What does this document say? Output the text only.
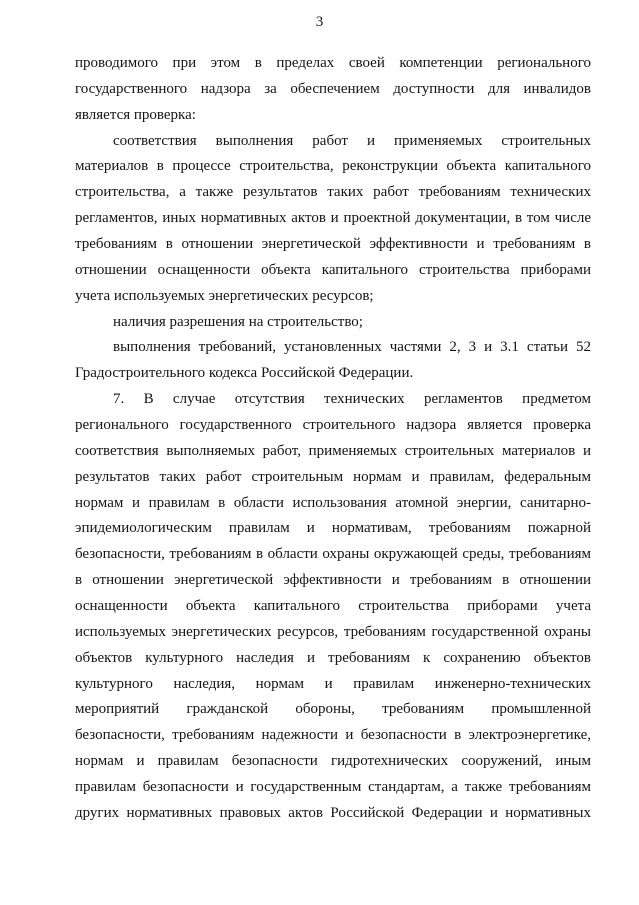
3
проводимого при этом в пределах своей компетенции регионального
государственного надзора за обеспечением доступности для инвалидов
является проверка:
соответствия выполнения работ и применяемых строительных
материалов в процессе строительства, реконструкции объекта капитального
строительства, а также результатов таких работ требованиям технических
регламентов, иных нормативных актов и проектной документации, в том числе
требованиям в отношении энергетической эффективности и требованиям в
отношении оснащенности объекта капитального строительства приборами
учета используемых энергетических ресурсов;
наличия разрешения на строительство;
выполнения требований, установленных частями 2, 3 и 3.1 статьи 52
Градостроительного кодекса Российской Федерации.
7. В случае отсутствия технических регламентов предметом
регионального государственного строительного надзора является проверка
соответствия выполняемых работ, применяемых строительных материалов и
результатов таких работ строительным нормам и правилам, федеральным
нормам и правилам в области использования атомной энергии, санитарно-
эпидемиологическим правилам и нормативам, требованиям пожарной
безопасности, требованиям в области охраны окружающей среды, требованиям
в отношении энергетической эффективности и требованиям в отношении
оснащенности объекта капитального строительства приборами учета
используемых энергетических ресурсов, требованиям государственной охраны
объектов культурного наследия и требованиям к сохранению объектов
культурного наследия, нормам и правилам инженерно-технических
мероприятий гражданской обороны, требованиям промышленной
безопасности, требованиям надежности и безопасности в электроэнергетике,
нормам и правилам безопасности гидротехнических сооружений, иным
правилам безопасности и государственным стандартам, а также требованиям
других нормативных правовых актов Российской Федерации и нормативных
